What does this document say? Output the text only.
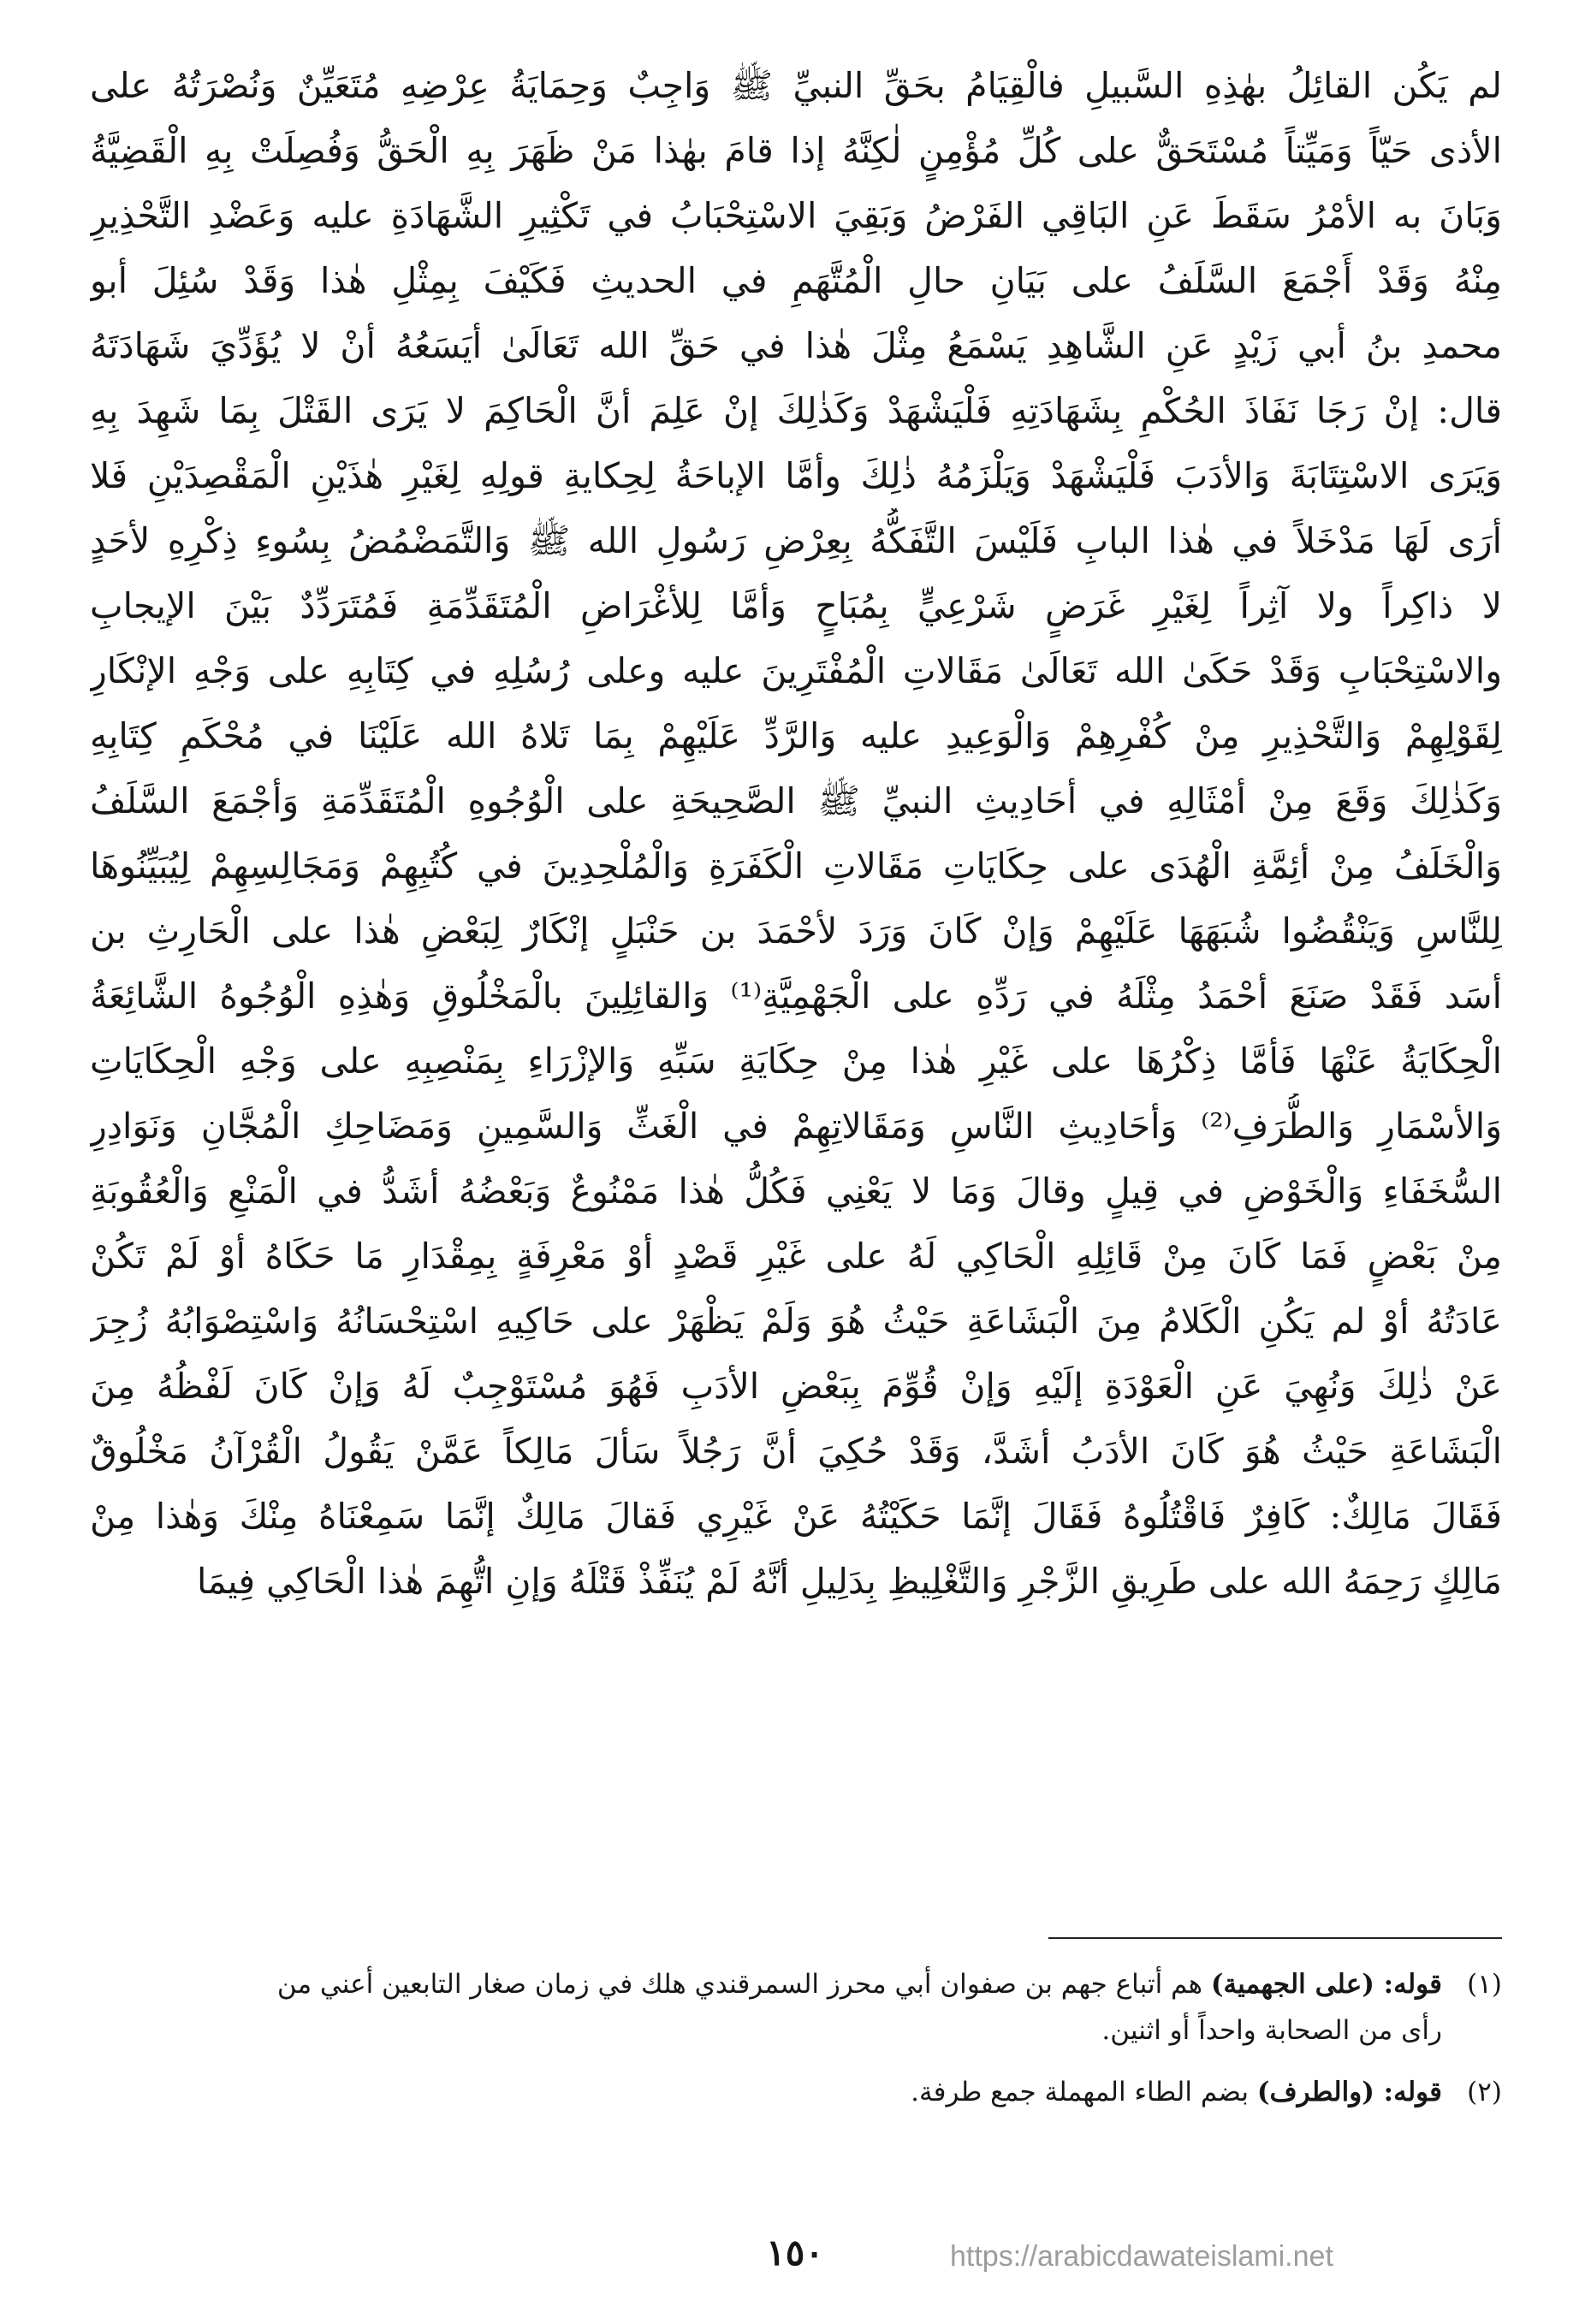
لم يَكُن القائِلُ بهٰذِهِ السَّبيلِ فالْقِيَامُ بحَقِّ النبيِّ ﷺ وَاجِبٌ وَحِمَايَةُ عِرْضِهِ مُتَعَيِّنٌ وَنُصْرَتُهُ على
الأذى حَيّاً وَمَيِّتاً مُسْتَحَقٌّ على كُلِّ مُؤْمِنٍ لٰكِنَّهُ إذا قامَ بهٰذا مَنْ ظَهَرَ بِهِ الْحَقُّ وَفُصِلَتْ بِهِ الْقَضِيَّةُ
وَبَانَ به الأمْرُ سَقَطَ عَنِ البَاقِي الفَرْضُ وَبَقِيَ الاسْتِحْبَابُ في تَكْثِيرِ الشَّهَادَةِ عليه وَعَضْدِ التَّحْذِيرِ
مِنْهُ وَقَدْ أَجْمَعَ السَّلَفُ على بَيَانِ حالِ الْمُتَّهَمِ في الحديثِ فَكَيْفَ بِمِثْلِ هٰذا وَقَدْ سُئِلَ أبو
محمدِ بنُ أبي زَيْدٍ عَنِ الشَّاهِدِ يَسْمَعُ مِثْلَ هٰذا في حَقِّ الله تَعَالَىٰ أيَسَعُهُ أنْ لا يُؤَدِّيَ شَهَادَتَهُ
قال: إنْ رَجَا نَفَاذَ الحُكْمِ بِشَهَادَتِهِ فَلْيَشْهَدْ وَكَذٰلِكَ إنْ عَلِمَ أنَّ الْحَاكِمَ لا يَرَى القَتْلَ بِمَا شَهِدَ بِهِ
وَيَرَى الاسْتِتَابَةَ وَالأدَبَ فَلْيَشْهَدْ وَيَلْزَمُهُ ذٰلِكَ وأمَّا الإباحَةُ لِحِكايةِ قولِهِ لِغَيْرِ هٰذَيْنِ الْمَقْصِدَيْنِ فَلا
أرَى لَهَا مَدْخَلاً في هٰذا البابِ فَلَيْسَ التَّفَكُّهُ بِعِرْضِ رَسُولِ الله ﷺ وَالتَّمَضْمُضُ بِسُوءِ ذِكْرِهِ لأحَدٍ
لا ذاكِراً ولا آثِراً لِغَيْرِ غَرَضٍ شَرْعِيٍّ بِمُبَاحٍ وَأمَّا لِلأغْرَاضِ الْمُتَقَدِّمَةِ فَمُتَرَدِّدٌ بَيْنَ الإيجابِ
والاسْتِحْبَابِ وَقَدْ حَكَىٰ الله تَعَالَىٰ مَقَالاتِ الْمُفْتَرِينَ عليه وعلى رُسُلِهِ في كِتَابِهِ على وَجْهِ الإنْكَارِ
لِقَوْلِهِمْ وَالتَّحْذِيرِ مِنْ كُفْرِهِمْ وَالْوَعِيدِ عليه وَالرَّدِّ عَلَيْهِمْ بِمَا تَلاهُ الله عَلَيْنَا في مُحْكَمِ كِتَابِهِ
وَكَذٰلِكَ وَقَعَ مِنْ أمْثَالِهِ في أحَادِيثِ النبيِّ ﷺ الصَّحِيحَةِ على الْوُجُوهِ الْمُتَقَدِّمَةِ وَأجْمَعَ السَّلَفُ
وَالْخَلَفُ مِنْ أئِمَّةِ الْهُدَى على حِكَايَاتِ مَقَالاتِ الْكَفَرَةِ وَالْمُلْحِدِينَ في كُتُبِهِمْ وَمَجَالِسِهِمْ لِيُبَيِّنُوهَا
لِلنَّاسِ وَيَنْقُضُوا شُبَهَهَا عَلَيْهِمْ وَإنْ كَانَ وَرَدَ لأحْمَدَ بن حَنْبَلٍ إنْكَارٌ لِبَعْضِ هٰذا على الْحَارِثِ بن
أسَد فَقَدْ صَنَعَ أحْمَدُ مِثْلَهُ في رَدِّهِ على الْجَهْمِيَّةِ⁽¹⁾ وَالقائِلِينَ بالْمَخْلُوقِ وَهٰذِهِ الْوُجُوهُ الشَّائِعَةُ
الْحِكَايَةُ عَنْهَا فَأمَّا ذِكْرُهَا على غَيْرِ هٰذا مِنْ حِكَايَةِ سَبِّهِ وَالإزْرَاءِ بِمَنْصِبِهِ على وَجْهِ الْحِكَايَاتِ
وَالأسْمَارِ وَالطُّرَفِ⁽²⁾ وَأحَادِيثِ النَّاسِ وَمَقَالاتِهِمْ في الْغَثِّ وَالسَّمِينِ وَمَضَاحِكِ الْمُجَّانِ وَنَوَادِرِ
السُّخَفَاءِ وَالْخَوْضِ في قِيلٍ وقالَ وَمَا لا يَعْنِي فَكُلُّ هٰذا مَمْنُوعٌ وَبَعْضُهُ أشَدُّ في الْمَنْعِ وَالْعُقُوبَةِ
مِنْ بَعْضٍ فَمَا كَانَ مِنْ قَائِلِهِ الْحَاكِي لَهُ على غَيْرِ قَصْدٍ أوْ مَعْرِفَةٍ بِمِقْدَارِ مَا حَكَاهُ أوْ لَمْ تَكُنْ
عَادَتُهُ أوْ لم يَكُنِ الْكَلامُ مِنَ الْبَشَاعَةِ حَيْثُ هُوَ وَلَمْ يَظْهَرْ على حَاكِيهِ اسْتِحْسَانُهُ وَاسْتِصْوَابُهُ زُجِرَ
عَنْ ذٰلِكَ وَنُهِيَ عَنِ الْعَوْدَةِ إلَيْهِ وَإنْ قُوِّمَ بِبَعْضِ الأدَبِ فَهُوَ مُسْتَوْجِبٌ لَهُ وَإنْ كَانَ لَفْظُهُ مِنَ
الْبَشَاعَةِ حَيْثُ هُوَ كَانَ الأدَبُ أشَدَّ، وَقَدْ حُكِيَ أنَّ رَجُلاً سَألَ مَالِكاً عَمَّنْ يَقُولُ الْقُرْآنُ مَخْلُوقٌ
فَقَالَ مَالِكٌ: كَافِرٌ فَاقْتُلُوهُ فَقَالَ إنَّمَا حَكَيْتُهُ عَنْ غَيْرِي فَقالَ مَالِكٌ إنَّمَا سَمِعْنَاهُ مِنْكَ وَهٰذا مِنْ
مَالِكٍ رَحِمَهُ الله على طَرِيقِ الزَّجْرِ وَالتَّغْلِيظِ بِدَلِيلِ أنَّهُ لَمْ يُنَفِّذْ قَتْلَهُ وَإنِ اتُّهِمَ هٰذا الْحَاكِي فِيمَا
(١)قوله: (على الجهمية) هم أتباع جهم بن صفوان أبي محرز السمرقندي هلك في زمان صغار التابعين أعني من
رأى من الصحابة واحداً أو اثنين.
(٢)قوله: (والطرف) بضم الطاء المهملة جمع طرفة.
١٥٠	https://arabicdawateislami.net
